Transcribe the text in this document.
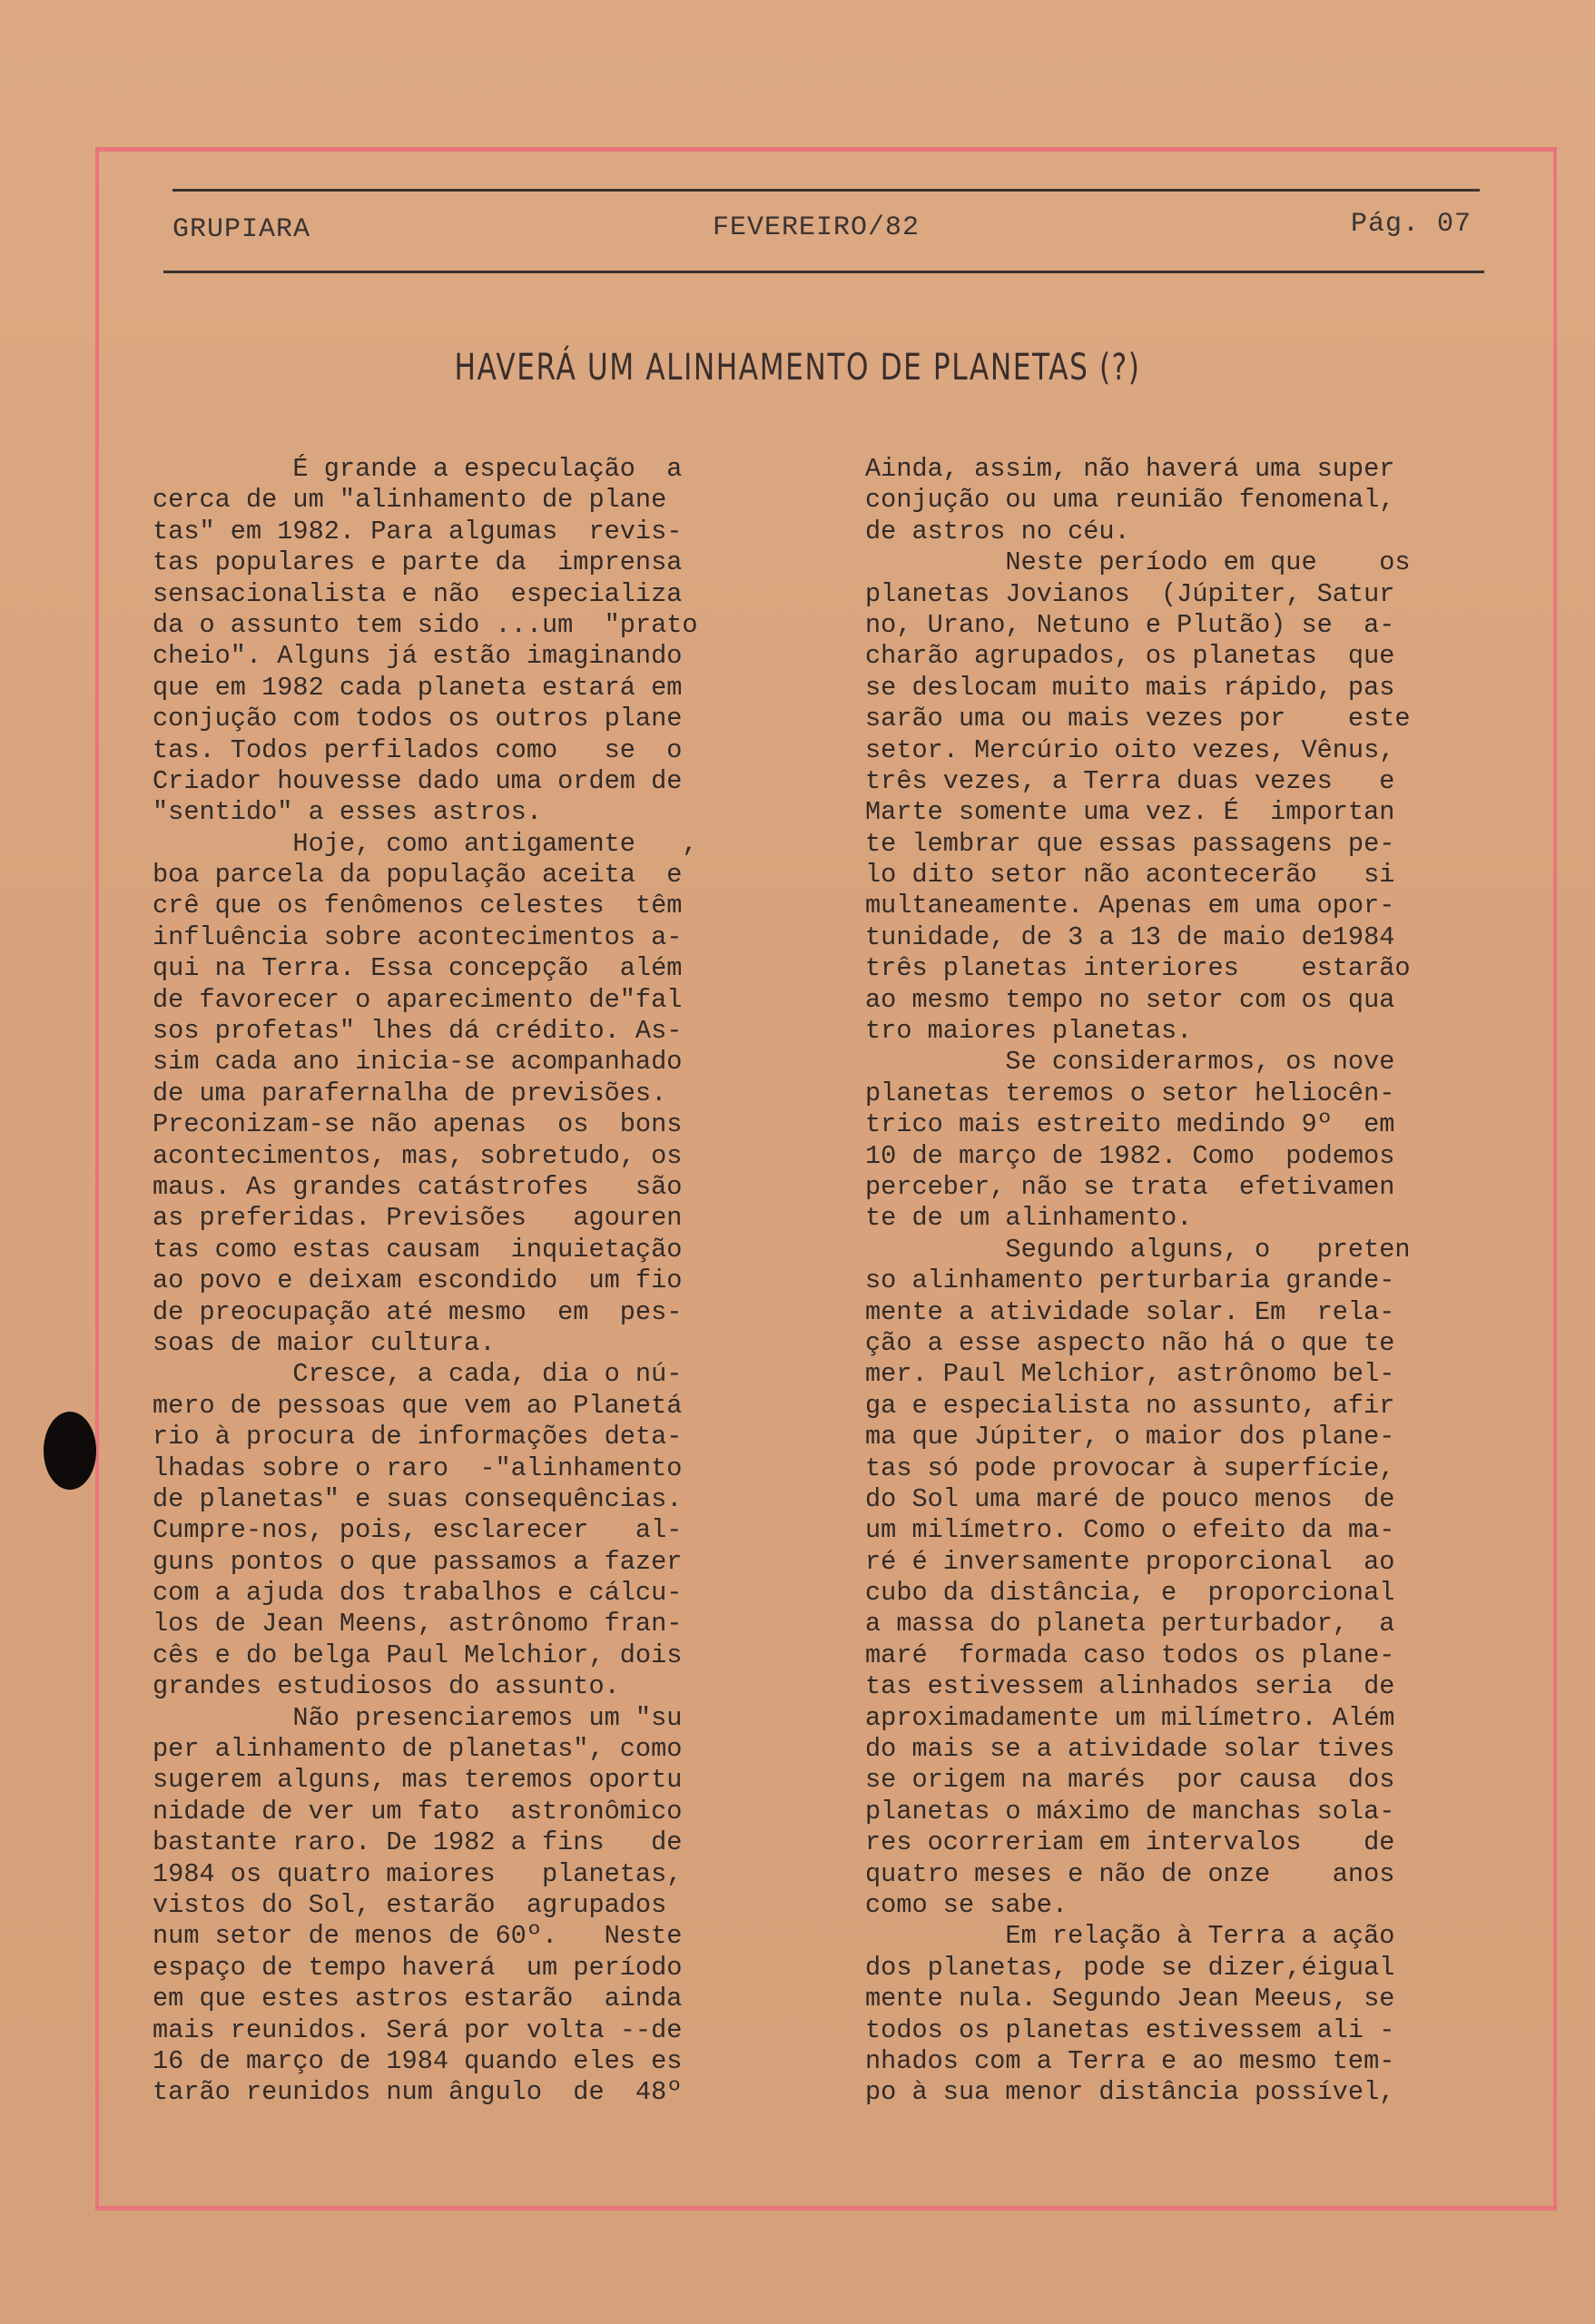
GRUPIARA	FEVEREIRO/82	Pág. 07
HAVERÁ UM ALINHAMENTO DE PLANETAS (?)
É grande a especulação  a
cerca de um "alinhamento de plane
tas" em 1982. Para algumas  revis-
tas populares e parte da  imprensa
sensacionalista e não  especializa
da o assunto tem sido ...um  "prato
cheio". Alguns já estão imaginando
que em 1982 cada planeta estará em
conjução com todos os outros plane
tas. Todos perfilados como   se  o
Criador houvesse dado uma ordem de
"sentido" a esses astros.
Hoje, como antigamente   ,
boa parcela da população aceita  e
crê que os fenômenos celestes  têm
influência sobre acontecimentos a-
qui na Terra. Essa concepção  além
de favorecer o aparecimento de"fal
sos profetas" lhes dá crédito. As-
sim cada ano inicia-se acompanhado
de uma parafernalha de previsões.
Preconizam-se não apenas  os  bons
acontecimentos, mas, sobretudo, os
maus. As grandes catástrofes   são
as preferidas. Previsões   agouren
tas como estas causam  inquietação
ao povo e deixam escondido  um fio
de preocupação até mesmo  em  pes-
soas de maior cultura.
Cresce, a cada, dia o nú-
mero de pessoas que vem ao Planetá
rio à procura de informações deta-
lhadas sobre o raro  -"alinhamento
de planetas" e suas consequências.
Cumpre-nos, pois, esclarecer   al-
guns pontos o que passamos a fazer
com a ajuda dos trabalhos e cálcu-
los de Jean Meens, astrônomo fran-
cês e do belga Paul Melchior, dois
grandes estudiosos do assunto.
Não presenciaremos um "su
per alinhamento de planetas", como
sugerem alguns, mas teremos oportu
nidade de ver um fato  astronômico
bastante raro. De 1982 a fins   de
1984 os quatro maiores   planetas,
vistos do Sol, estarão  agrupados
num setor de menos de 60º.   Neste
espaço de tempo haverá  um período
em que estes astros estarão  ainda
mais reunidos. Será por volta --de
16 de março de 1984 quando eles es
tarão reunidos num ângulo  de  48º
Ainda, assim, não haverá uma super
conjução ou uma reunião fenomenal,
de astros no céu.
Neste período em que    os
planetas Jovianos  (Júpiter, Satur
no, Urano, Netuno e Plutão) se  a-
charão agrupados, os planetas  que
se deslocam muito mais rápido, pas
sarão uma ou mais vezes por    este
setor. Mercúrio oito vezes, Vênus,
três vezes, a Terra duas vezes   e
Marte somente uma vez. É  importan
te lembrar que essas passagens pe-
lo dito setor não acontecerão   si
multaneamente. Apenas em uma opor-
tunidade, de 3 a 13 de maio de1984
três planetas interiores    estarão
ao mesmo tempo no setor com os qua
tro maiores planetas.
Se considerarmos, os nove
planetas teremos o setor heliocên-
trico mais estreito medindo 9º  em
10 de março de 1982. Como  podemos
perceber, não se trata  efetivamen
te de um alinhamento.
Segundo alguns, o   preten
so alinhamento perturbaria grande-
mente a atividade solar. Em  rela-
ção a esse aspecto não há o que te
mer. Paul Melchior, astrônomo bel-
ga e especialista no assunto, afir
ma que Júpiter, o maior dos plane-
tas só pode provocar à superfície,
do Sol uma maré de pouco menos  de
um milímetro. Como o efeito da ma-
ré é inversamente proporcional  ao
cubo da distância, e  proporcional
a massa do planeta perturbador,  a
maré  formada caso todos os plane-
tas estivessem alinhados seria  de
aproximadamente um milímetro. Além
do mais se a atividade solar tives
se origem na marés  por causa  dos
planetas o máximo de manchas sola-
res ocorreriam em intervalos    de
quatro meses e não de onze    anos
como se sabe.
Em relação à Terra a ação
dos planetas, pode se dizer,éigual
mente nula. Segundo Jean Meeus, se
todos os planetas estivessem ali -
nhados com a Terra e ao mesmo tem-
po à sua menor distância possível,
